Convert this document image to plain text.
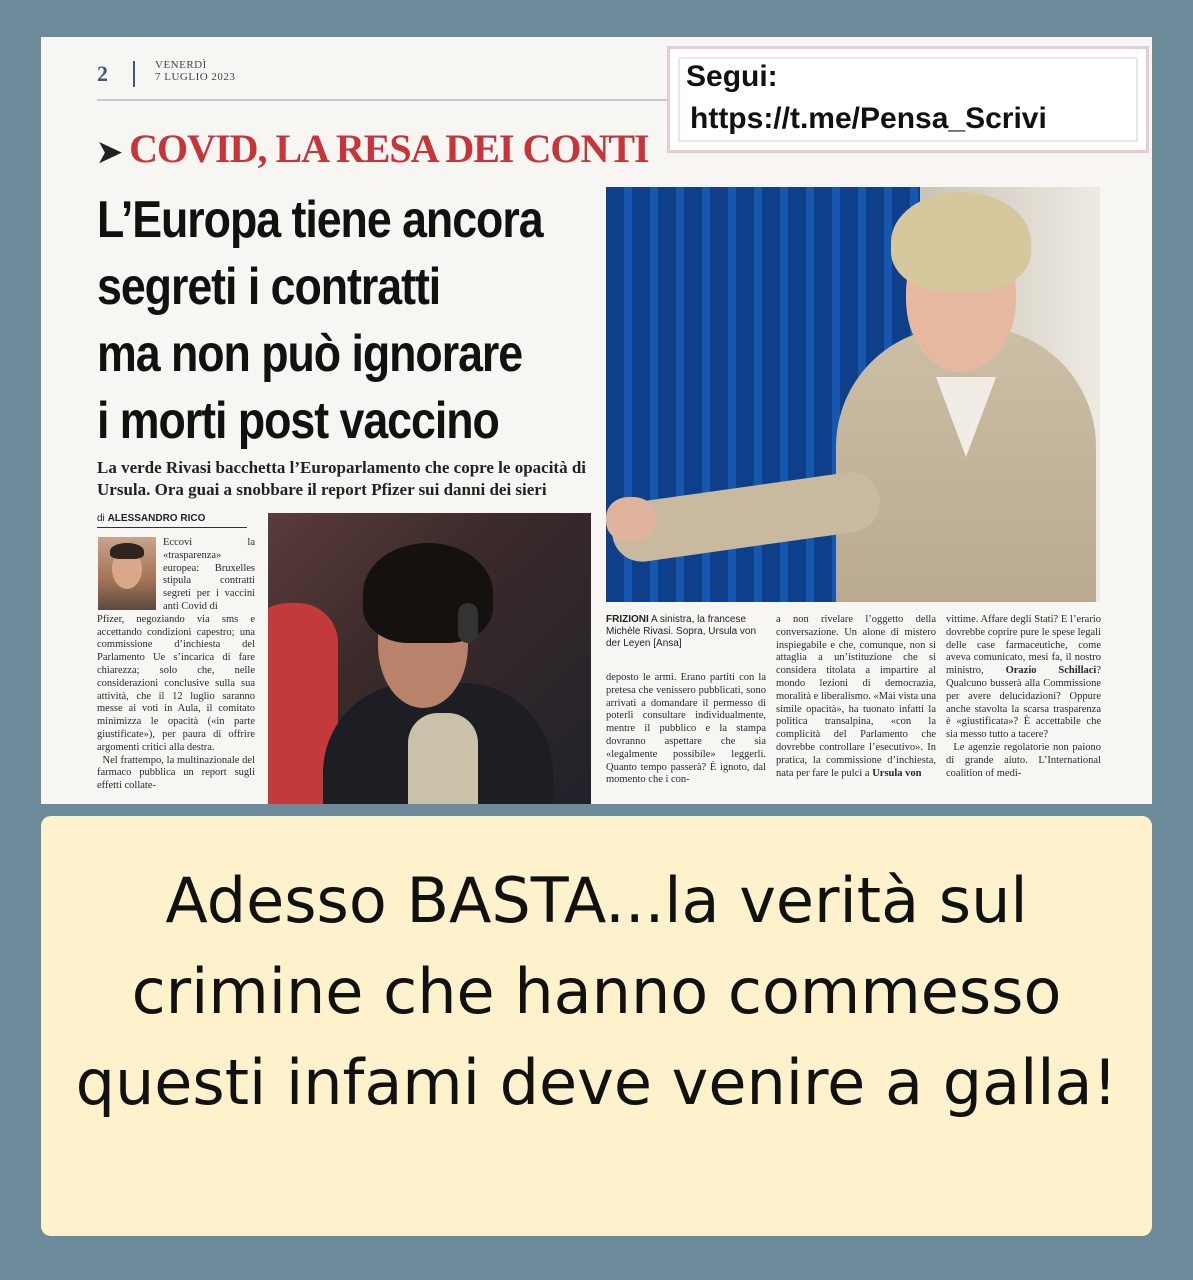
2	VENERDÌ
7 LUGLIO 2023
➤ COVID, LA RESA DEI CONTI
L’Europa tiene ancora
segreti i contratti
ma non può ignorare
i morti post vaccino
La verde Rivasi bacchetta l’Europarlamento che copre le opacità di Ursula. Ora guai a snobbare il report Pfizer sui danni dei sieri
di ALESSANDRO RICO
Eccovi la «trasparenza» europea: Bruxelles stipula contratti segreti per i vaccini anti Covid di
Pfizer, negoziando via sms e accettando condizioni capestro; una commissione d’inchiesta del Parlamento Ue s’incarica di fare chiarezza; solo che, nelle considerazioni conclusive sulla sua attività, che il 12 luglio saranno messe ai voti in Aula, il comitato minimizza le opacità («in parte giustificate»), per paura di offrire argomenti critici alla destra.
Nel frattempo, la multinazionale del farmaco pubblica un report sugli effetti collate-
FRIZIONI A sinistra, la francese Michèle Rivasi. Sopra, Ursula von der Leyen [Ansa]
deposto le armi. Erano partiti con la pretesa che venissero pubblicati, sono arrivati a domandare il permesso di poterli consultare individualmente, mentre il pubblico e la stampa dovranno aspettare che sia «legalmente possibile» leggerli. Quanto tempo passerà? È ignoto, dal momento che i con-
a non rivelare l’oggetto della conversazione. Un alone di mistero inspiegabile e che, comunque, non si attaglia a un’istituzione che si considera titolata a impartire al mondo lezioni di democrazia, moralità e liberalismo. «Mai vista una simile opacità», ha tuonato infatti la politica transalpina, «con la complicità del Parlamento che dovrebbe controllare l’esecutivo». In pratica, la commissione d’inchiesta, nata per fare le pulci a Ursula von
vittime. Affare degli Stati? E l’erario dovrebbe coprire pure le spese legali delle case farmaceutiche, come aveva comunicato, mesi fa, il nostro ministro, Orazio Schillaci? Qualcuno busserà alla Commissione per avere delucidazioni? Oppure anche stavolta la scarsa trasparenza è «giustificata»? È accettabile che sia messo tutto a tacere?
Le agenzie regolatorie non paiono di grande aiuto. L’International coalition of medi-
Segui:
https://t.me/Pensa_Scrivi
Adesso BASTA...la verità sul crimine che hanno commesso questi infami deve venire a galla!
